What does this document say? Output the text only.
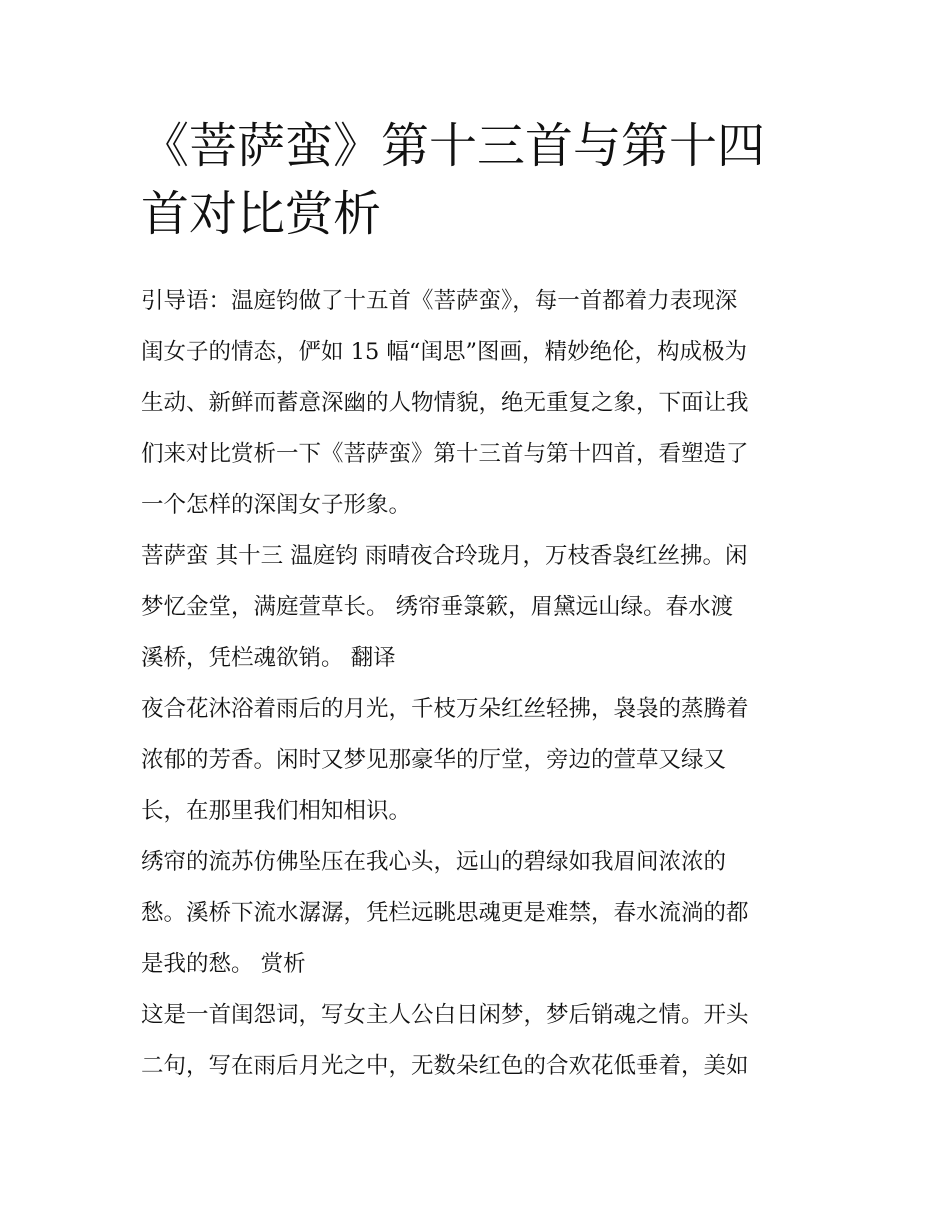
《菩萨蛮》第十三首与第十四
首对比赏析
引导语：温庭钧做了十五首《菩萨蛮》，每一首都着力表现深
闺女子的情态，俨如 15 幅“闺思”图画，精妙绝伦，构成极为
生动、新鲜而蓄意深幽的人物情貌，绝无重复之象，下面让我
们来对比赏析一下《菩萨蛮》第十三首与第十四首，看塑造了
一个怎样的深闺女子形象。
菩萨蛮 其十三 温庭钧 雨晴夜合玲珑月，万枝香袅红丝拂。闲
梦忆金堂，满庭萱草长。 绣帘垂箓簌，眉黛远山绿。春水渡
溪桥，凭栏魂欲销。 翻译
夜合花沐浴着雨后的月光，千枝万朵红丝轻拂，袅袅的蒸腾着
浓郁的芳香。闲时又梦见那豪华的厅堂，旁边的萱草又绿又
长，在那里我们相知相识。
绣帘的流苏仿佛坠压在我心头，远山的碧绿如我眉间浓浓的
愁。溪桥下流水潺潺，凭栏远眺思魂更是难禁，春水流淌的都
是我的愁。 赏析
这是一首闺怨词，写女主人公白日闲梦，梦后销魂之情。开头
二句，写在雨后月光之中，无数朵红色的合欢花低垂着，美如
